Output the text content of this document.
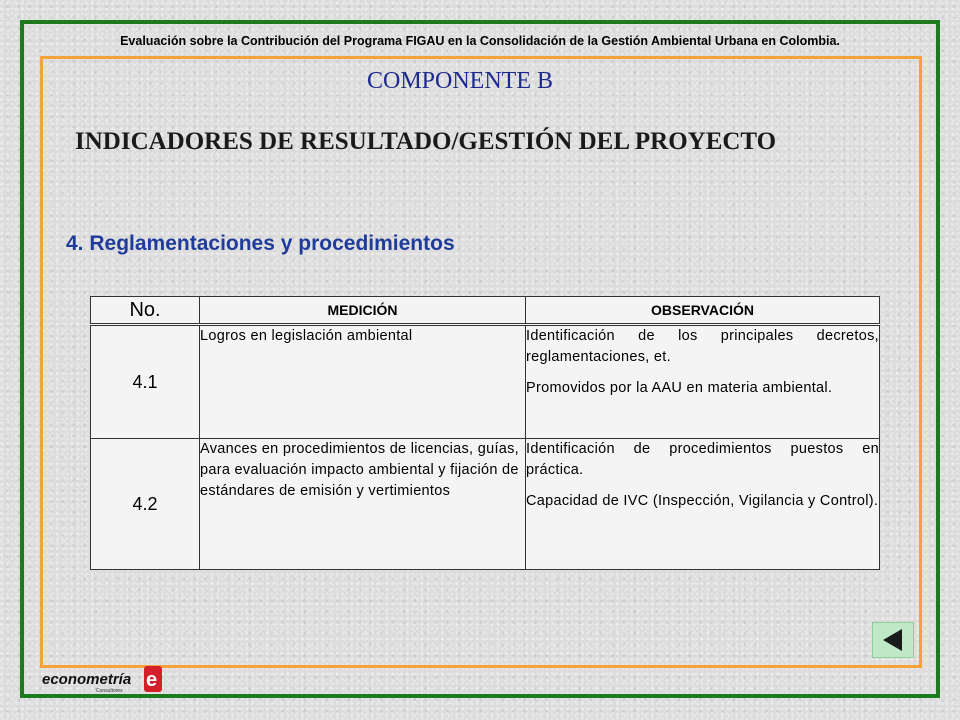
Evaluación sobre la Contribución del Programa FIGAU en la Consolidación de la Gestión Ambiental Urbana en Colombia.
COMPONENTE B
INDICADORES DE RESULTADO/GESTIÓN DEL PROYECTO
4. Reglamentaciones y procedimientos
No.	MEDICIÓN	OBSERVACIÓN
4.1	Logros en legislación ambiental	Identificación de los principales decretos, reglamentaciones, et.
Promovidos por la AAU en materia ambiental.

4.2	Avances en procedimientos de licencias, guías, para evaluación impacto ambiental y fijación de estándares de emisión y vertimientos	Identificación de procedimientos puestos en práctica.
Capacidad de IVC (Inspección, Vigilancia y Control).
econometría
Consultores e
